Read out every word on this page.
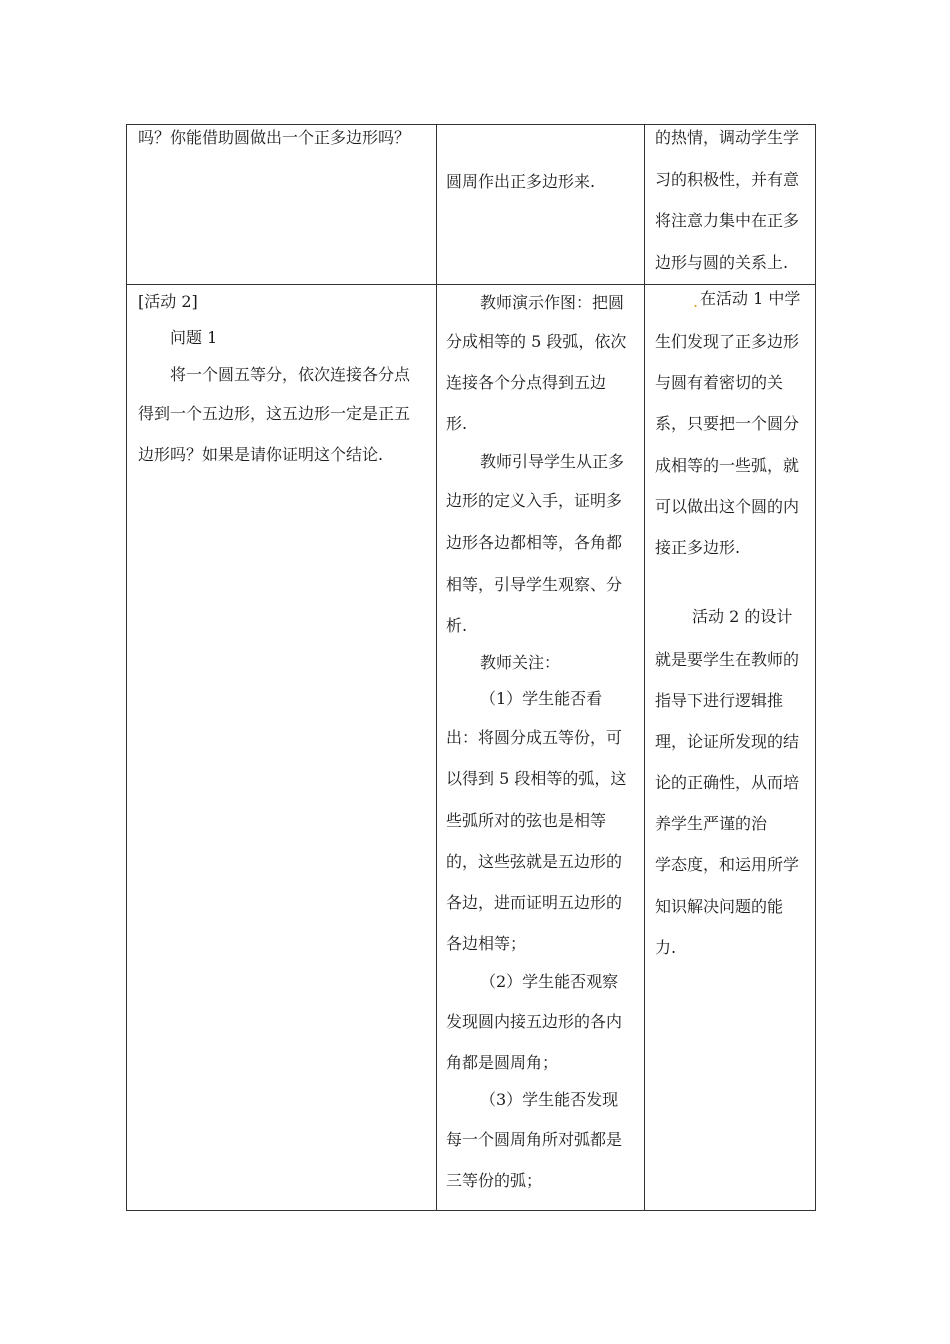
吗？你能借助圆做出一个正多边形吗？
圆周作出正多边形来.
的热情，调动学生学
习的积极性，并有意
将注意力集中在正多
边形与圆的关系上.
[活动 2]
问题 1
将一个圆五等分，依次连接各分点
得到一个五边形，这五边形一定是正五
边形吗？如果是请你证明这个结论.
教师演示作图：把圆
分成相等的 5 段弧，依次
连接各个分点得到五边
形.
教师引导学生从正多
边形的定义入手，证明多
边形各边都相等，各角都
相等，引导学生观察、分
析.
教师关注：
（1）学生能否看
出：将圆分成五等份，可
以得到 5 段相等的弧，这
些弧所对的弦也是相等
的，这些弦就是五边形的
各边，进而证明五边形的
各边相等；
（2）学生能否观察
发现圆内接五边形的各内
角都是圆周角；
（3）学生能否发现
每一个圆周角所对弧都是
三等份的弧；
. 在活动 1 中学
生们发现了正多边形
与圆有着密切的关
系，只要把一个圆分
成相等的一些弧，就
可以做出这个圆的内
接正多边形.
活动 2 的设计
就是要学生在教师的
指导下进行逻辑推
理，论证所发现的结
论的正确性，从而培
养学生严谨的治
学态度，和运用所学
知识解决问题的能
力.
